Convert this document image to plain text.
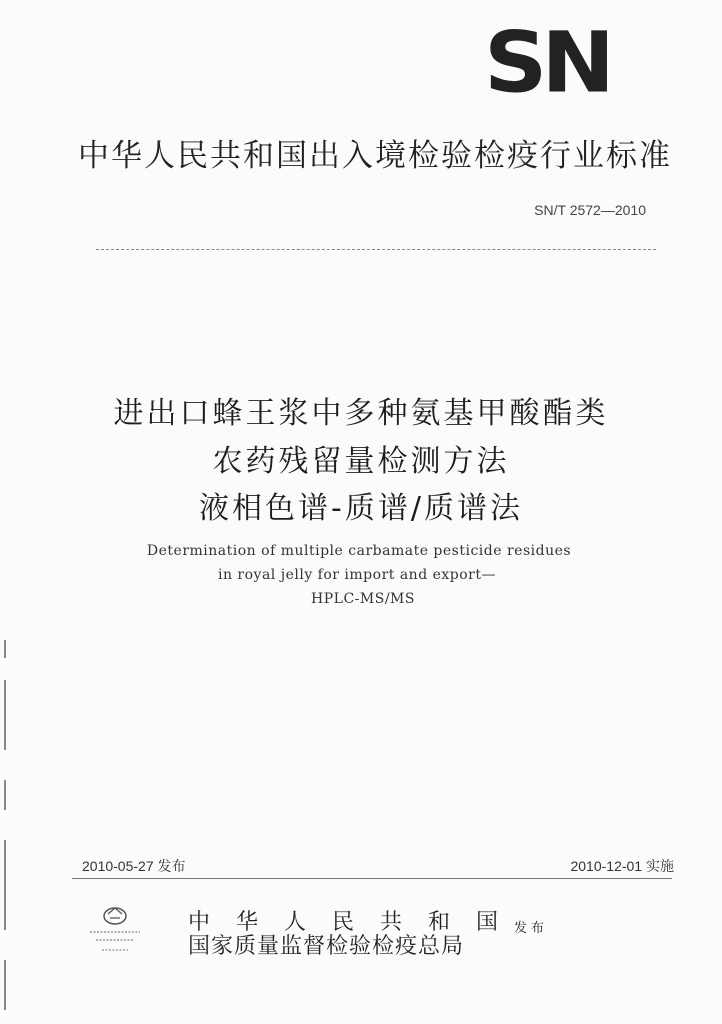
SN
中华人民共和国出入境检验检疫行业标准
SN/T 2572—2010
进出口蜂王浆中多种氨基甲酸酯类
农药残留量检测方法
液相色谱-质谱/质谱法
Determination of multiple carbamate pesticide residues
in royal jelly for import and export—
HPLC-MS/MS
2010-05-27 发布	2010-12-01 实施
中华人民共和国
国家质量监督检验检疫总局
发布
